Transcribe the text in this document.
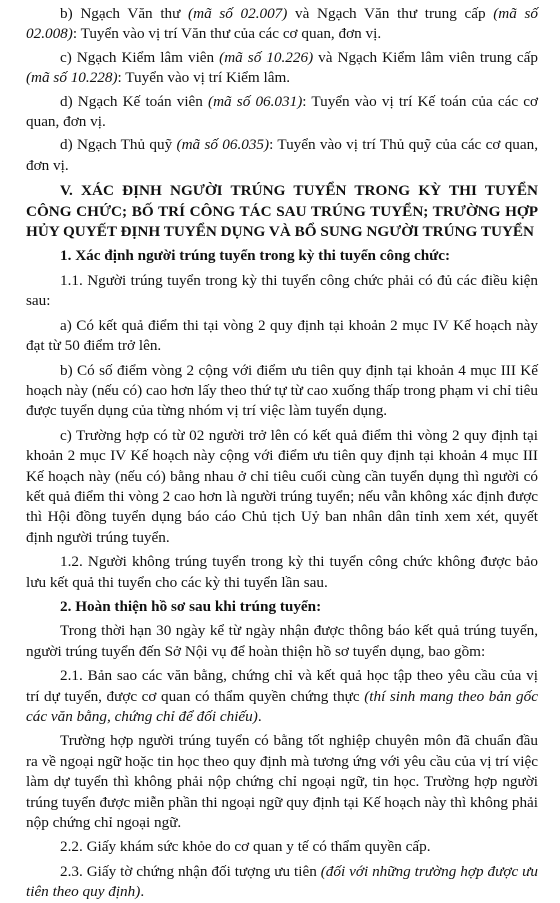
b) Ngạch Văn thư (mã số 02.007) và Ngạch Văn thư trung cấp (mã số 02.008): Tuyển vào vị trí Văn thư của các cơ quan, đơn vị.

c) Ngạch Kiểm lâm viên (mã số 10.226) và Ngạch Kiểm lâm viên trung cấp (mã số 10.228): Tuyển vào vị trí Kiểm lâm.

d) Ngạch Kế toán viên (mã số 06.031): Tuyển vào vị trí Kế toán của các cơ quan, đơn vị.

d) Ngạch Thủ quỹ (mã số 06.035): Tuyển vào vị trí Thủ quỹ của các cơ quan, đơn vị.

V. XÁC ĐỊNH NGƯỜI TRÚNG TUYỂN TRONG KỲ THI TUYỂN CÔNG CHỨC; BỐ TRÍ CÔNG TÁC SAU TRÚNG TUYỂN; TRƯỜNG HỢP HỦY QUYẾT ĐỊNH TUYỂN DỤNG VÀ BỔ SUNG NGƯỜI TRÚNG TUYỂN
1. Xác định người trúng tuyển trong kỳ thi tuyển công chức:

1.1. Người trúng tuyển trong kỳ thi tuyển công chức phải có đủ các điều kiện sau:

a) Có kết quả điểm thi tại vòng 2 quy định tại khoản 2 mục IV Kế hoạch này đạt từ 50 điểm trở lên.

b) Có số điểm vòng 2 cộng với điểm ưu tiên quy định tại khoản 4 mục III Kế hoạch này (nếu có) cao hơn lấy theo thứ tự từ cao xuống thấp trong phạm vi chỉ tiêu được tuyển dụng của từng nhóm vị trí việc làm tuyển dụng.

c) Trường hợp có từ 02 người trở lên có kết quả điểm thi vòng 2 quy định tại khoản 2 mục IV Kế hoạch này cộng với điểm ưu tiên quy định tại khoản 4 mục III Kế hoạch này (nếu có) bằng nhau ở chỉ tiêu cuối cùng cần tuyển dụng thì người có kết quả điểm thi vòng 2 cao hơn là người trúng tuyển; nếu vẫn không xác định được thì Hội đồng tuyển dụng báo cáo Chủ tịch Uỷ ban nhân dân tỉnh xem xét, quyết định người trúng tuyển.

1.2. Người không trúng tuyển trong kỳ thi tuyển công chức không được bảo lưu kết quả thi tuyển cho các kỳ thi tuyển lần sau.

2. Hoàn thiện hồ sơ sau khi trúng tuyển:

Trong thời hạn 30 ngày kể từ ngày nhận được thông báo kết quả trúng tuyển, người trúng tuyển đến Sở Nội vụ để hoàn thiện hồ sơ tuyển dụng, bao gồm:

2.1. Bản sao các văn bằng, chứng chỉ và kết quả học tập theo yêu cầu của vị trí dự tuyển, được cơ quan có thẩm quyền chứng thực (thí sinh mang theo bản gốc các văn bằng, chứng chỉ để đối chiếu).

Trường hợp người trúng tuyển có bằng tốt nghiệp chuyên môn đã chuẩn đầu ra về ngoại ngữ hoặc tin học theo quy định mà tương ứng với yêu cầu của vị trí việc làm dự tuyển thì không phải nộp chứng chỉ ngoại ngữ, tin học. Trường hợp người trúng tuyển được miễn phần thi ngoại ngữ quy định tại Kế hoạch này thì không phải nộp chứng chỉ ngoại ngữ.

2.2. Giấy khám sức khỏe do cơ quan y tế có thẩm quyền cấp.

2.3. Giấy tờ chứng nhận đối tượng ưu tiên (đối với những trường hợp được ưu tiên theo quy định).
